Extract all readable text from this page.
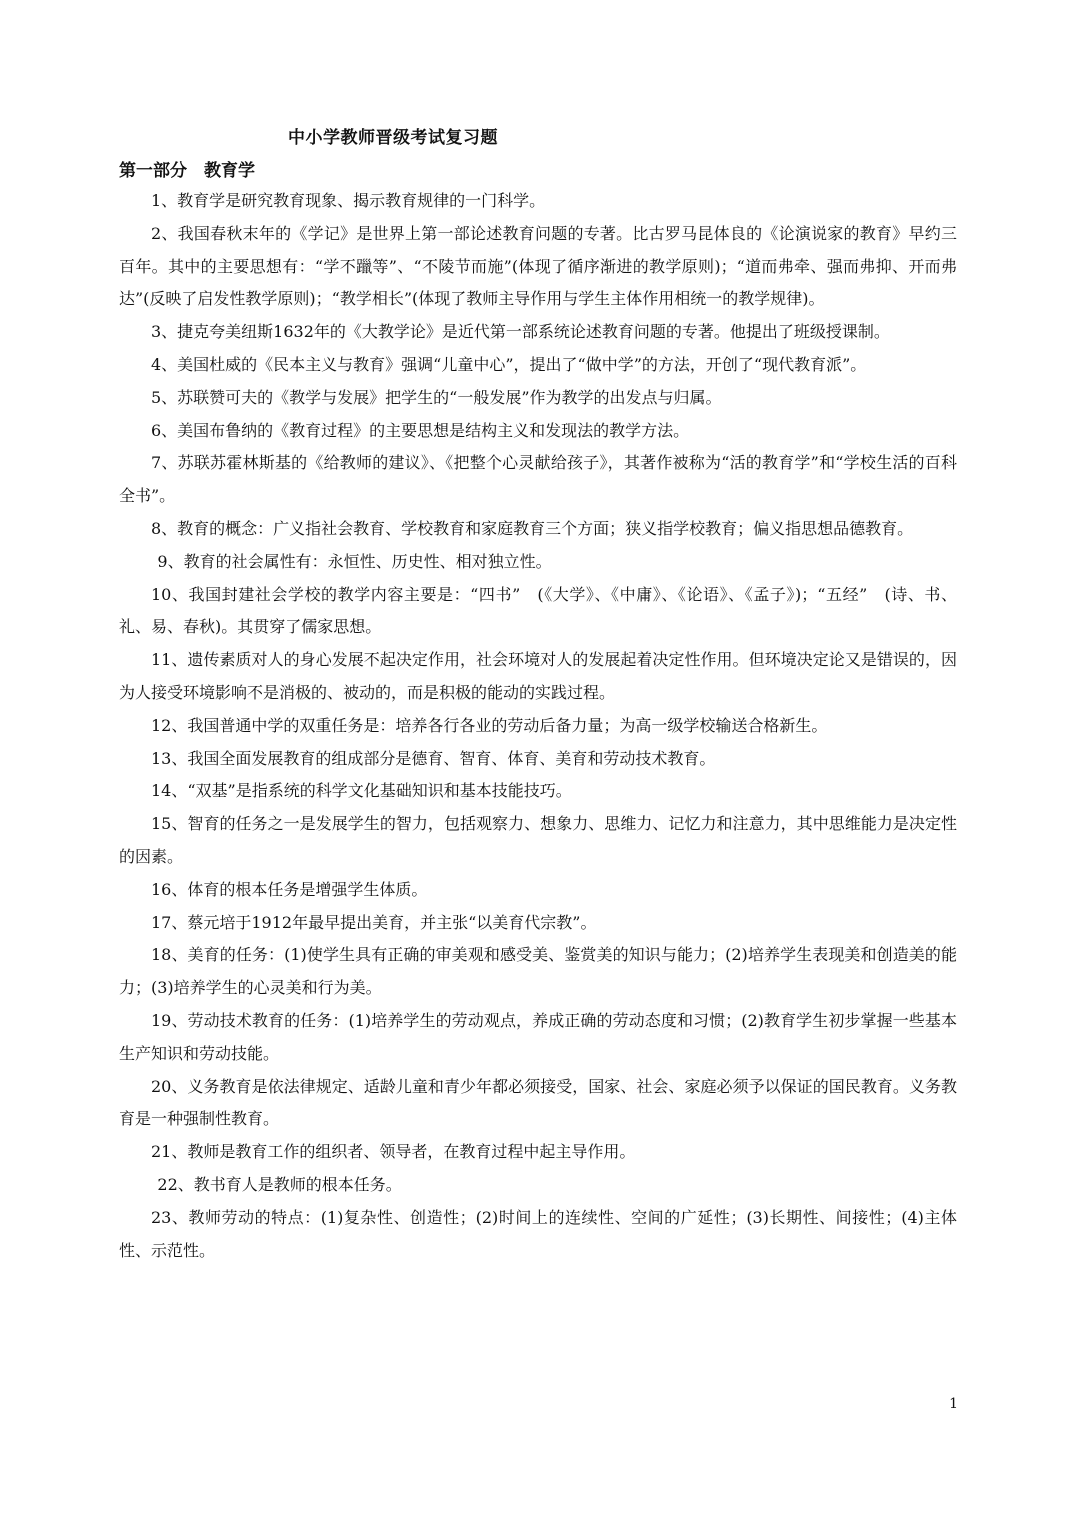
中小学教师晋级考试复习题
第一部分　教育学

1、教育学是研究教育现象、揭示教育规律的一门科学。

2、我国春秋末年的《学记》是世界上第一部论述教育问题的专著。比古罗马昆体良的《论演说家的教育》早约三百年。其中的主要思想有：“学不躐等”、“不陵节而施”(体现了循序渐进的教学原则)；“道而弗牵、强而弗抑、开而弗达”(反映了启发性教学原则)；“教学相长”(体现了教师主导作用与学生主体作用相统一的教学规律)。

3、捷克夸美纽斯1632年的《大教学论》是近代第一部系统论述教育问题的专著。他提出了班级授课制。

4、美国杜威的《民本主义与教育》强调“儿童中心”，提出了“做中学”的方法，开创了“现代教育派”。

5、苏联赞可夫的《教学与发展》把学生的“一般发展”作为教学的出发点与归属。

6、美国布鲁纳的《教育过程》的主要思想是结构主义和发现法的教学方法。

7、苏联苏霍林斯基的《给教师的建议》、《把整个心灵献给孩子》，其著作被称为“活的教育学”和“学校生活的百科全书”。

8、教育的概念：广义指社会教育、学校教育和家庭教育三个方面；狭义指学校教育；偏义指思想品德教育。

9、教育的社会属性有：永恒性、历史性、相对独立性。

10、我国封建社会学校的教学内容主要是：“四书”　(《大学》、《中庸》、《论语》、《孟子》)；“五经”　(诗、书、礼、易、春秋)。其贯穿了儒家思想。

11、遗传素质对人的身心发展不起决定作用，社会环境对人的发展起着决定性作用。但环境决定论又是错误的，因为人接受环境影响不是消极的、被动的，而是积极的能动的实践过程。

12、我国普通中学的双重任务是：培养各行各业的劳动后备力量；为高一级学校输送合格新生。

13、我国全面发展教育的组成部分是德育、智育、体育、美育和劳动技术教育。

14、“双基”是指系统的科学文化基础知识和基本技能技巧。

15、智育的任务之一是发展学生的智力，包括观察力、想象力、思维力、记忆力和注意力，其中思维能力是决定性的因素。

16、体育的根本任务是增强学生体质。

17、蔡元培于1912年最早提出美育，并主张“以美育代宗教”。

18、美育的任务：(1)使学生具有正确的审美观和感受美、鉴赏美的知识与能力；(2)培养学生表现美和创造美的能力；(3)培养学生的心灵美和行为美。

19、劳动技术教育的任务：(1)培养学生的劳动观点，养成正确的劳动态度和习惯；(2)教育学生初步掌握一些基本生产知识和劳动技能。

20、义务教育是依法律规定、适龄儿童和青少年都必须接受，国家、社会、家庭必须予以保证的国民教育。义务教育是一种强制性教育。

21、教师是教育工作的组织者、领导者，在教育过程中起主导作用。

22、教书育人是教师的根本任务。

23、教师劳动的特点：(1)复杂性、创造性；(2)时间上的连续性、空间的广延性；(3)长期性、间接性；(4)主体性、示范性。

1
